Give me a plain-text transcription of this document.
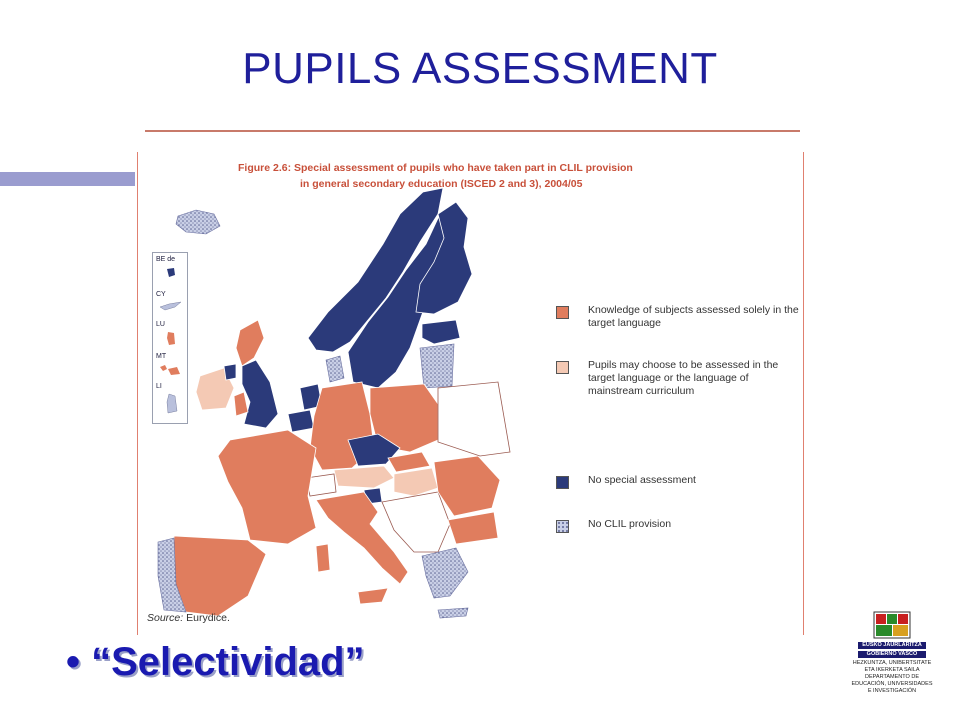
PUPILS ASSESSMENT
Figure 2.6: Special assessment of pupils who have taken part in CLIL provision
in general secondary education (ISCED 2 and 3), 2004/05
BE de
CY
LU
MT
LI
Knowledge of subjects assessed solely in the target language
Pupils may choose to be assessed in the target language or the language of mainstream curriculum
No special assessment
No CLIL provision
Source: Eurydice.
• “Selectividad”	EUSKO JAURLARITZA
GOBIERNO VASCO
HEZKUNTZA, UNIBERTSITATE ETA IKERKETA SAILA
DEPARTAMENTO DE EDUCACIÓN, UNIVERSIDADES E INVESTIGACIÓN
